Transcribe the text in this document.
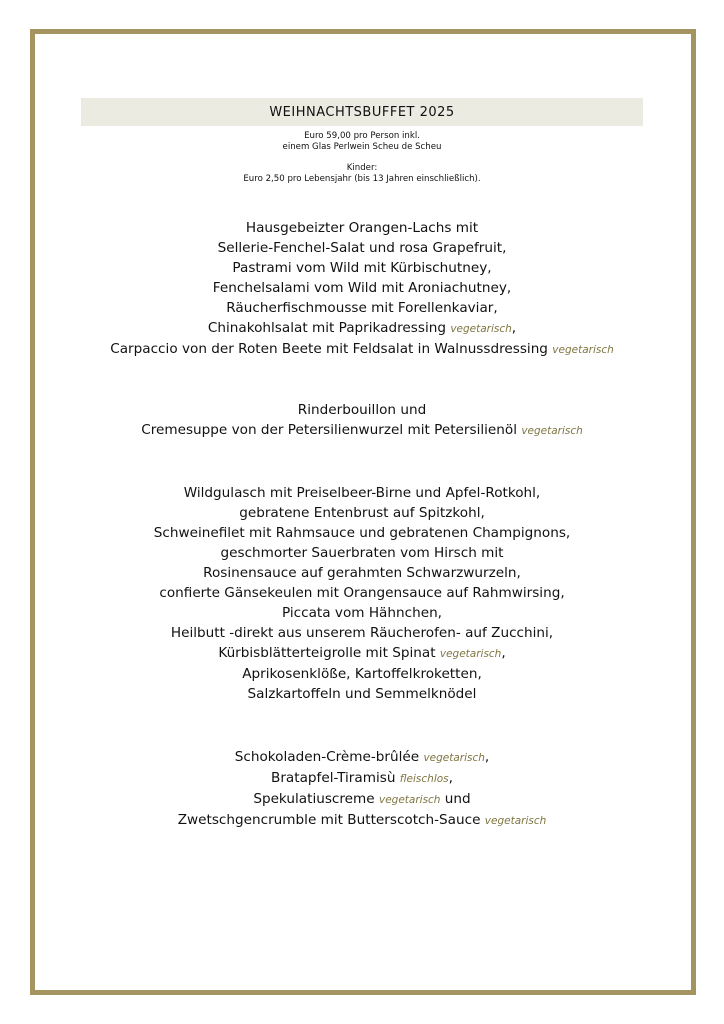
WEIHNACHTSBUFFET 2025
Euro 59,00 pro Person inkl.
einem Glas Perlwein Scheu de Scheu
Kinder:
Euro 2,50 pro Lebensjahr (bis 13 Jahren einschließlich).
Hausgebeizter Orangen-Lachs mit
Sellerie-Fenchel-Salat und rosa Grapefruit,
Pastrami vom Wild mit Kürbischutney,
Fenchelsalami vom Wild mit Aroniachutney,
Räucherfischmousse mit Forellenkaviar,
Chinakohlsalat mit Paprikadressing vegetarisch,
Carpaccio von der Roten Beete mit Feldsalat in Walnussdressing vegetarisch
Rinderbouillon und
Cremesuppe von der Petersilienwurzel mit Petersilienöl vegetarisch
Wildgulasch mit Preiselbeer-Birne und Apfel-Rotkohl,
gebratene Entenbrust auf Spitzkohl,
Schweinefilet mit Rahmsauce und gebratenen Champignons,
geschmorter Sauerbraten vom Hirsch mit
Rosinensauce auf gerahmten Schwarzwurzeln,
confierte Gänsekeulen mit Orangensauce auf Rahmwirsing,
Piccata vom Hähnchen,
Heilbutt -direkt aus unserem Räucherofen- auf Zucchini,
Kürbisblätterteigrolle mit Spinat vegetarisch,
Aprikosenklöße, Kartoffelkroketten,
Salzkartoffeln und Semmelknödel
Schokoladen-Crème-brûlée vegetarisch,
Bratapfel-Tiramisù fleischlos,
Spekulatiuscreme vegetarisch und
Zwetschgencrumble mit Butterscotch-Sauce vegetarisch
